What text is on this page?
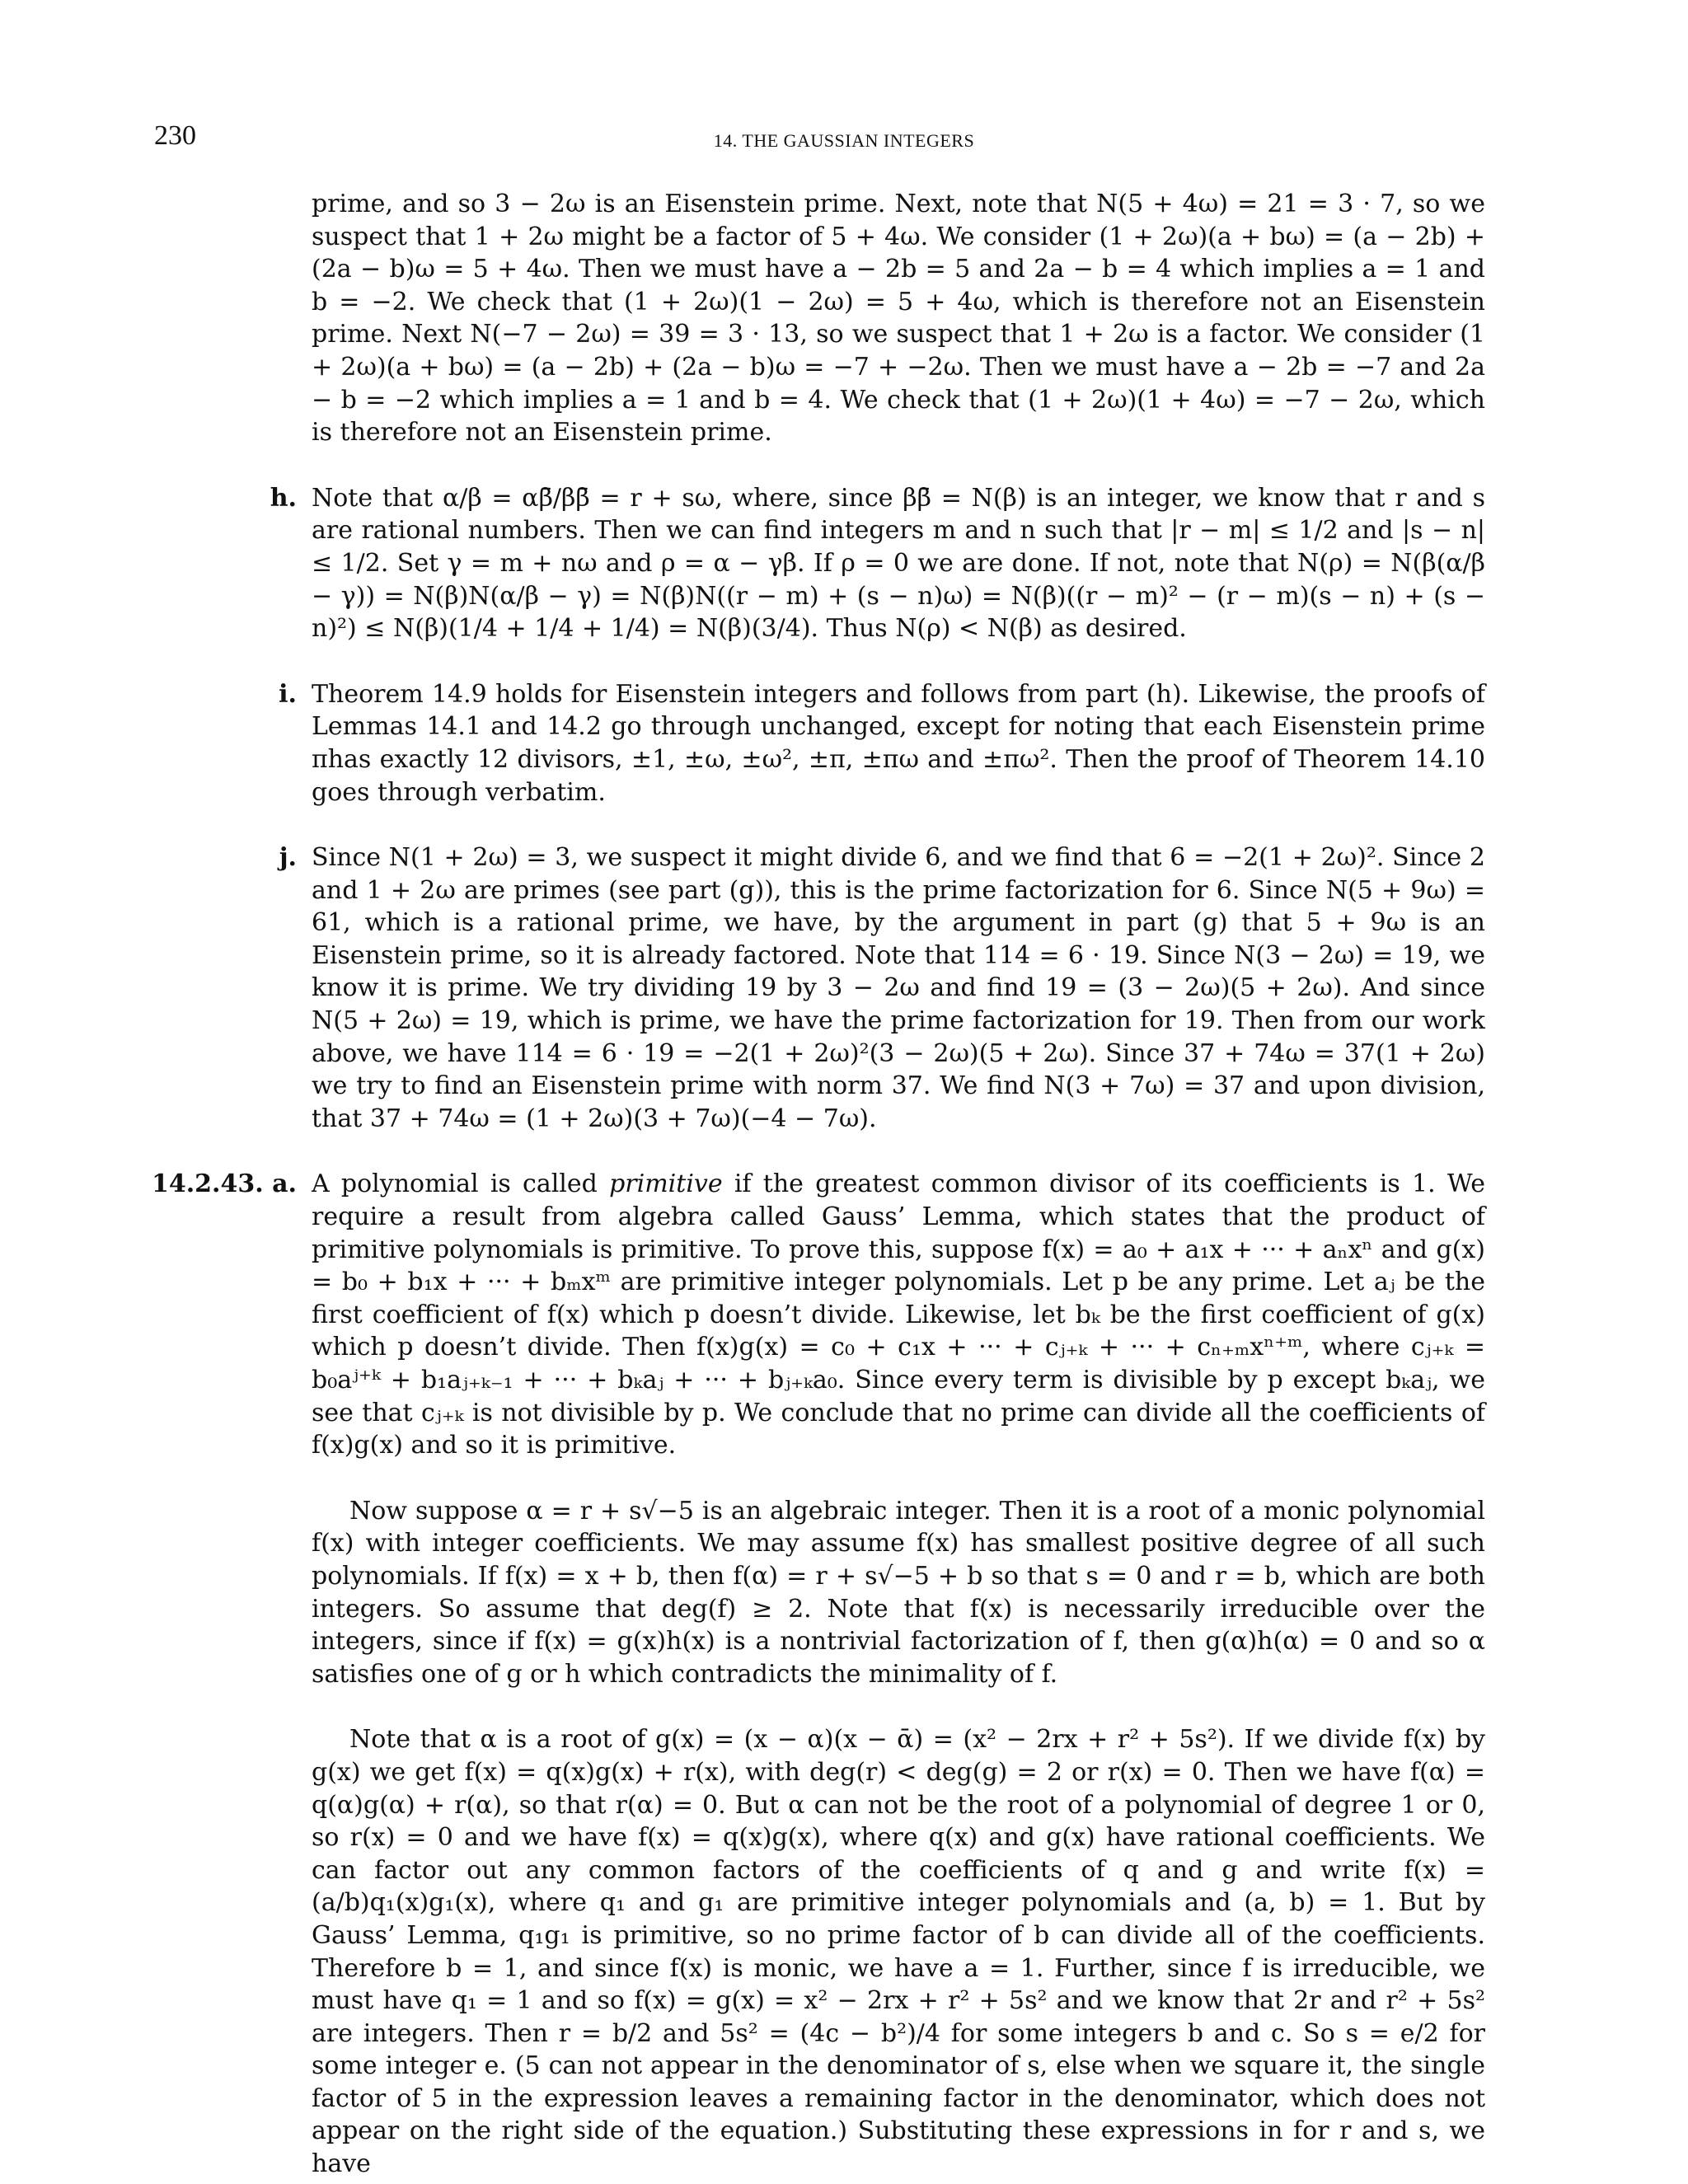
230	14. THE GAUSSIAN INTEGERS

prime, and so 3 − 2ω is an Eisenstein prime. Next, note that N(5 + 4ω) = 21 = 3 · 7, so we suspect that 1 + 2ω might be a factor of 5 + 4ω. We consider (1 + 2ω)(a + bω) = (a − 2b) + (2a − b)ω = 5 + 4ω. Then we must have a − 2b = 5 and 2a − b = 4 which implies a = 1 and b = −2. We check that (1 + 2ω)(1 − 2ω) = 5 + 4ω, which is therefore not an Eisenstein prime. Next N(−7 − 2ω) = 39 = 3 · 13, so we suspect that 1 + 2ω is a factor. We consider (1 + 2ω)(a + bω) = (a − 2b) + (2a − b)ω = −7 + −2ω. Then we must have a − 2b = −7 and 2a − b = −2 which implies a = 1 and b = 4. We check that (1 + 2ω)(1 + 4ω) = −7 − 2ω, which is therefore not an Eisenstein prime.

h. Note that α/β = αβ̄/ββ̄ = r + sω, where, since ββ̄ = N(β) is an integer, we know that r and s are rational numbers. Then we can find integers m and n such that |r − m| ≤ 1/2 and |s − n| ≤ 1/2. Set γ = m + nω and ρ = α − γβ. If ρ = 0 we are done. If not, note that N(ρ) = N(β(α/β − γ)) = N(β)N(α/β − γ) = N(β)N((r − m) + (s − n)ω) = N(β)((r − m)² − (r − m)(s − n) + (s − n)²) ≤ N(β)(1/4 + 1/4 + 1/4) = N(β)(3/4). Thus N(ρ) < N(β) as desired.

i. Theorem 14.9 holds for Eisenstein integers and follows from part (h). Likewise, the proofs of Lemmas 14.1 and 14.2 go through unchanged, except for noting that each Eisenstein prime πhas exactly 12 divisors, ±1, ±ω, ±ω², ±π, ±πω and ±πω². Then the proof of Theorem 14.10 goes through verbatim.

j. Since N(1 + 2ω) = 3, we suspect it might divide 6, and we find that 6 = −2(1 + 2ω)². Since 2 and 1 + 2ω are primes (see part (g)), this is the prime factorization for 6. Since N(5 + 9ω) = 61, which is a rational prime, we have, by the argument in part (g) that 5 + 9ω is an Eisenstein prime, so it is already factored. Note that 114 = 6 · 19. Since N(3 − 2ω) = 19, we know it is prime. We try dividing 19 by 3 − 2ω and find 19 = (3 − 2ω)(5 + 2ω). And since N(5 + 2ω) = 19, which is prime, we have the prime factorization for 19. Then from our work above, we have 114 = 6 · 19 = −2(1 + 2ω)²(3 − 2ω)(5 + 2ω). Since 37 + 74ω = 37(1 + 2ω) we try to find an Eisenstein prime with norm 37. We find N(3 + 7ω) = 37 and upon division, that 37 + 74ω = (1 + 2ω)(3 + 7ω)(−4 − 7ω).

14.2.43. a. A polynomial is called primitive if the greatest common divisor of its coefficients is 1. We require a result from algebra called Gauss’ Lemma, which states that the product of primitive polynomials is primitive. To prove this, suppose f(x) = a₀ + a₁x + ··· + aₙxⁿ and g(x) = b₀ + b₁x + ··· + bₘxᵐ are primitive integer polynomials. Let p be any prime. Let aⱼ be the first coefficient of f(x) which p doesn’t divide. Likewise, let bₖ be the first coefficient of g(x) which p doesn’t divide. Then f(x)g(x) = c₀ + c₁x + ··· + cⱼ₊ₖ + ··· + cₙ₊ₘxⁿ⁺ᵐ, where cⱼ₊ₖ = b₀aʲ⁺ᵏ + b₁aⱼ₊ₖ₋₁ + ··· + bₖaⱼ + ··· + bⱼ₊ₖa₀. Since every term is divisible by p except bₖaⱼ, we see that cⱼ₊ₖ is not divisible by p. We conclude that no prime can divide all the coefficients of f(x)g(x) and so it is primitive.

Now suppose α = r + s√−5 is an algebraic integer. Then it is a root of a monic polynomial f(x) with integer coefficients. We may assume f(x) has smallest positive degree of all such polynomials. If f(x) = x + b, then f(α) = r + s√−5 + b so that s = 0 and r = b, which are both integers. So assume that deg(f) ≥ 2. Note that f(x) is necessarily irreducible over the integers, since if f(x) = g(x)h(x) is a nontrivial factorization of f, then g(α)h(α) = 0 and so α satisfies one of g or h which contradicts the minimality of f.

Note that α is a root of g(x) = (x − α)(x − ᾱ) = (x² − 2rx + r² + 5s²). If we divide f(x) by g(x) we get f(x) = q(x)g(x) + r(x), with deg(r) < deg(g) = 2 or r(x) = 0. Then we have f(α) = q(α)g(α) + r(α), so that r(α) = 0. But α can not be the root of a polynomial of degree 1 or 0, so r(x) = 0 and we have f(x) = q(x)g(x), where q(x) and g(x) have rational coefficients. We can factor out any common factors of the coefficients of q and g and write f(x) = (a/b)q₁(x)g₁(x), where q₁ and g₁ are primitive integer polynomials and (a, b) = 1. But by Gauss’ Lemma, q₁g₁ is primitive, so no prime factor of b can divide all of the coefficients. Therefore b = 1, and since f(x) is monic, we have a = 1. Further, since f is irreducible, we must have q₁ = 1 and so f(x) = g(x) = x² − 2rx + r² + 5s² and we know that 2r and r² + 5s² are integers. Then r = b/2 and 5s² = (4c − b²)/4 for some integers b and c. So s = e/2 for some integer e. (5 can not appear in the denominator of s, else when we square it, the single factor of 5 in the expression leaves a remaining factor in the denominator, which does not appear on the right side of the equation.) Substituting these expressions in for r and s, we have
